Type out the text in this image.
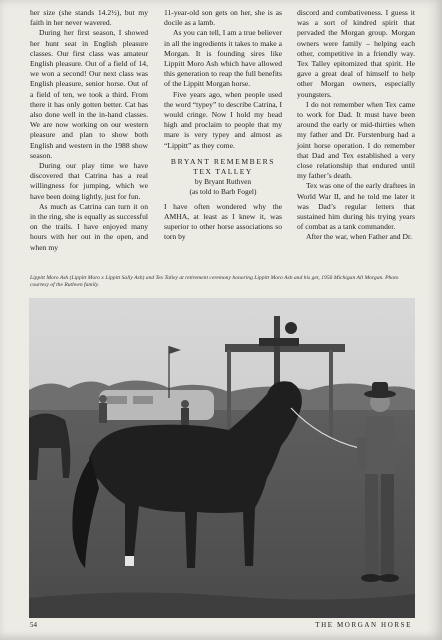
her size (she stands 14.2½), but my faith in her never wavered.

During her first season, I showed her hunt seat in English pleasure classes. Our first class was amateur English pleasure. Out of a field of 14, we won a second! Our next class was English pleasure, senior horse. Out of a field of ten, we took a third. From there it has only gotten better. Cat has also done well in the in-hand classes. We are now working on our western pleasure and plan to show both English and western in the 1988 show season.

During our play time we have discovered that Catrina has a real willingness for jumping, which we have been doing lightly, just for fun.

As much as Catrina can turn it on in the ring, she is equally as successful on the trails. I have enjoyed many hours with her out in the open, and when my

11-year-old son gets on her, she is as docile as a lamb.

As you can tell, I am a true believer in all the ingredients it takes to make a Morgan. It is founding sires like Lippitt Moro Ash which have allowed this generation to reap the full benefits of the Lippitt Morgan horse.

Five years ago, when people used the word “typey” to describe Catrina, I would cringe. Now I hold my head high and proclaim to people that my mare is very typey and almost as “Lippitt” as they come.

BRYANT REMEMBERS
TEX TALLEY
by Bryant Ruthven
(as told to Barb Fogel)

I have often wondered why the AMHA, at least as I knew it, was superior to other horse associations so torn by

discord and combativeness. I guess it was a sort of kindred spirit that pervaded the Morgan group. Morgan owners were family – helping each other, competitive in a friendly way. Tex Talley epitomized that spirit. He gave a great deal of himself to help other Morgan owners, especially youngsters.

I do not remember when Tex came to work for Dad. It must have been around the early or mid-thirties when my father and Dr. Furstenburg had a joint horse operation. I do remember that Dad and Tex established a very close relationship that endured until my father’s death.

Tex was one of the early draftees in World War II, and he told me later it was Dad’s regular letters that sustained him during his trying years of combat as a tank commander.

After the war, when Father and Dr.

Lippitt Moro Ash (Lippitt Moro x Lippitt Sally Ash) and Tex Talley at retirement ceremony honoring Lippitt Moro Ash and his get, 1956 Michigan All Morgan. Photo courtesy of the Ruthven family.
54	THE MORGAN HORSE
